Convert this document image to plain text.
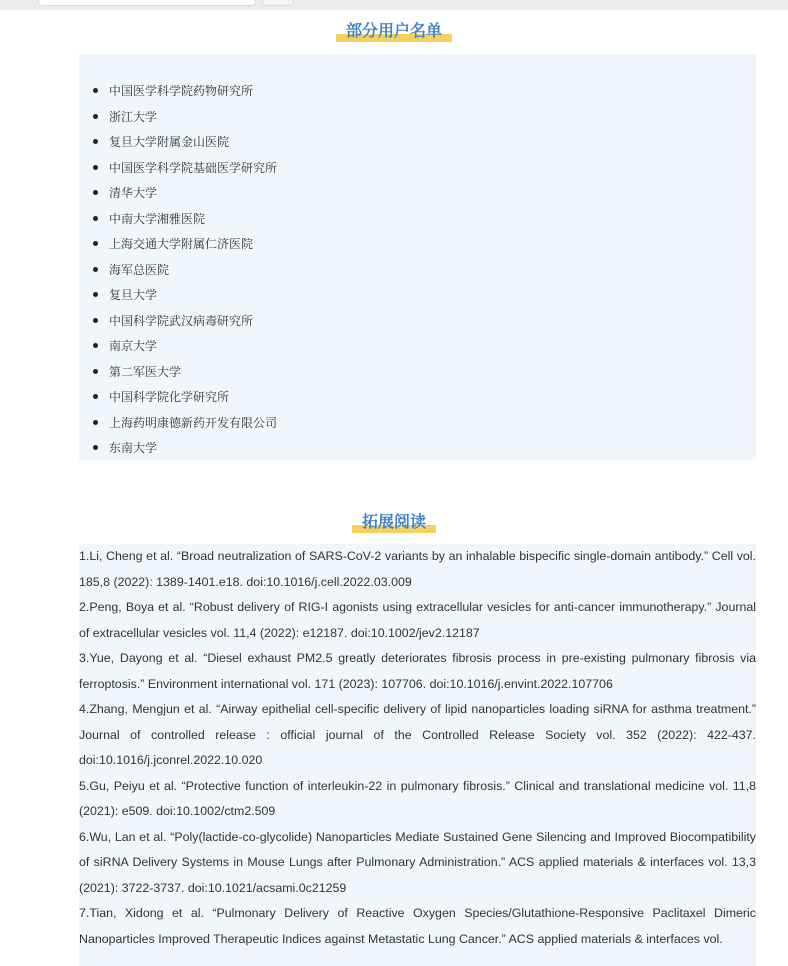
部分用户名单
中国医学科学院药物研究所
浙江大学
复旦大学附属金山医院
中国医学科学院基础医学研究所
清华大学
中南大学湘雅医院
上海交通大学附属仁济医院
海军总医院
复旦大学
中国科学院武汉病毒研究所
南京大学
第二军医大学
中国科学院化学研究所
上海药明康德新药开发有限公司
东南大学
拓展阅读

1.Li, Cheng et al. “Broad neutralization of SARS-CoV-2 variants by an inhalable bispecific single-domain antibody.” Cell vol. 185,8 (2022): 1389-1401.e18. doi:10.1016/j.cell.2022.03.009

2.Peng, Boya et al. “Robust delivery of RIG-I agonists using extracellular vesicles for anti-cancer immunotherapy.” Journal of extracellular vesicles vol. 11,4 (2022): e12187. doi:10.1002/jev2.12187

3.Yue, Dayong et al. “Diesel exhaust PM2.5 greatly deteriorates fibrosis process in pre-existing pulmonary fibrosis via ferroptosis.” Environment international vol. 171 (2023): 107706. doi:10.1016/j.envint.2022.107706

4.Zhang, Mengjun et al. “Airway epithelial cell-specific delivery of lipid nanoparticles loading siRNA for asthma treatment.” Journal of controlled release : official journal of the Controlled Release Society vol. 352 (2022): 422-437. doi:10.1016/j.jconrel.2022.10.020

5.Gu, Peiyu et al. “Protective function of interleukin-22 in pulmonary fibrosis.” Clinical and translational medicine vol. 11,8 (2021): e509. doi:10.1002/ctm2.509

6.Wu, Lan et al. “Poly(lactide-co-glycolide) Nanoparticles Mediate Sustained Gene Silencing and Improved Biocompatibility of siRNA Delivery Systems in Mouse Lungs after Pulmonary Administration.” ACS applied materials & interfaces vol. 13,3 (2021): 3722-3737. doi:10.1021/acsami.0c21259

7.Tian, Xidong et al. “Pulmonary Delivery of Reactive Oxygen Species/Glutathione-Responsive Paclitaxel Dimeric Nanoparticles Improved Therapeutic Indices against Metastatic Lung Cancer.” ACS applied materials & interfaces vol.
